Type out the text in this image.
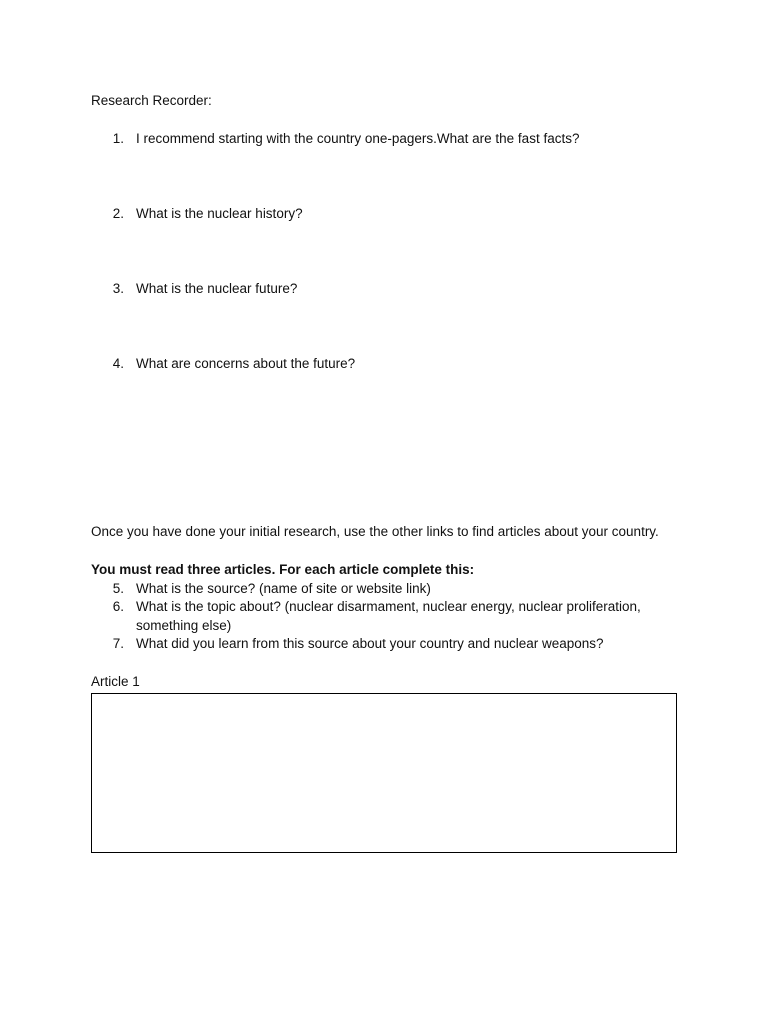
Research Recorder:
1. I recommend starting with the country one-pagers.What are the fast facts?
2. What is the nuclear history?
3. What is the nuclear future?
4. What are concerns about the future?
Once you have done your initial research, use the other links to find articles about your country.
You must read three articles. For each article complete this:
5. What is the source? (name of site or website link)
6. What is the topic about? (nuclear disarmament, nuclear energy, nuclear proliferation,
something else)
7. What did you learn from this source about your country and nuclear weapons?
Article 1
